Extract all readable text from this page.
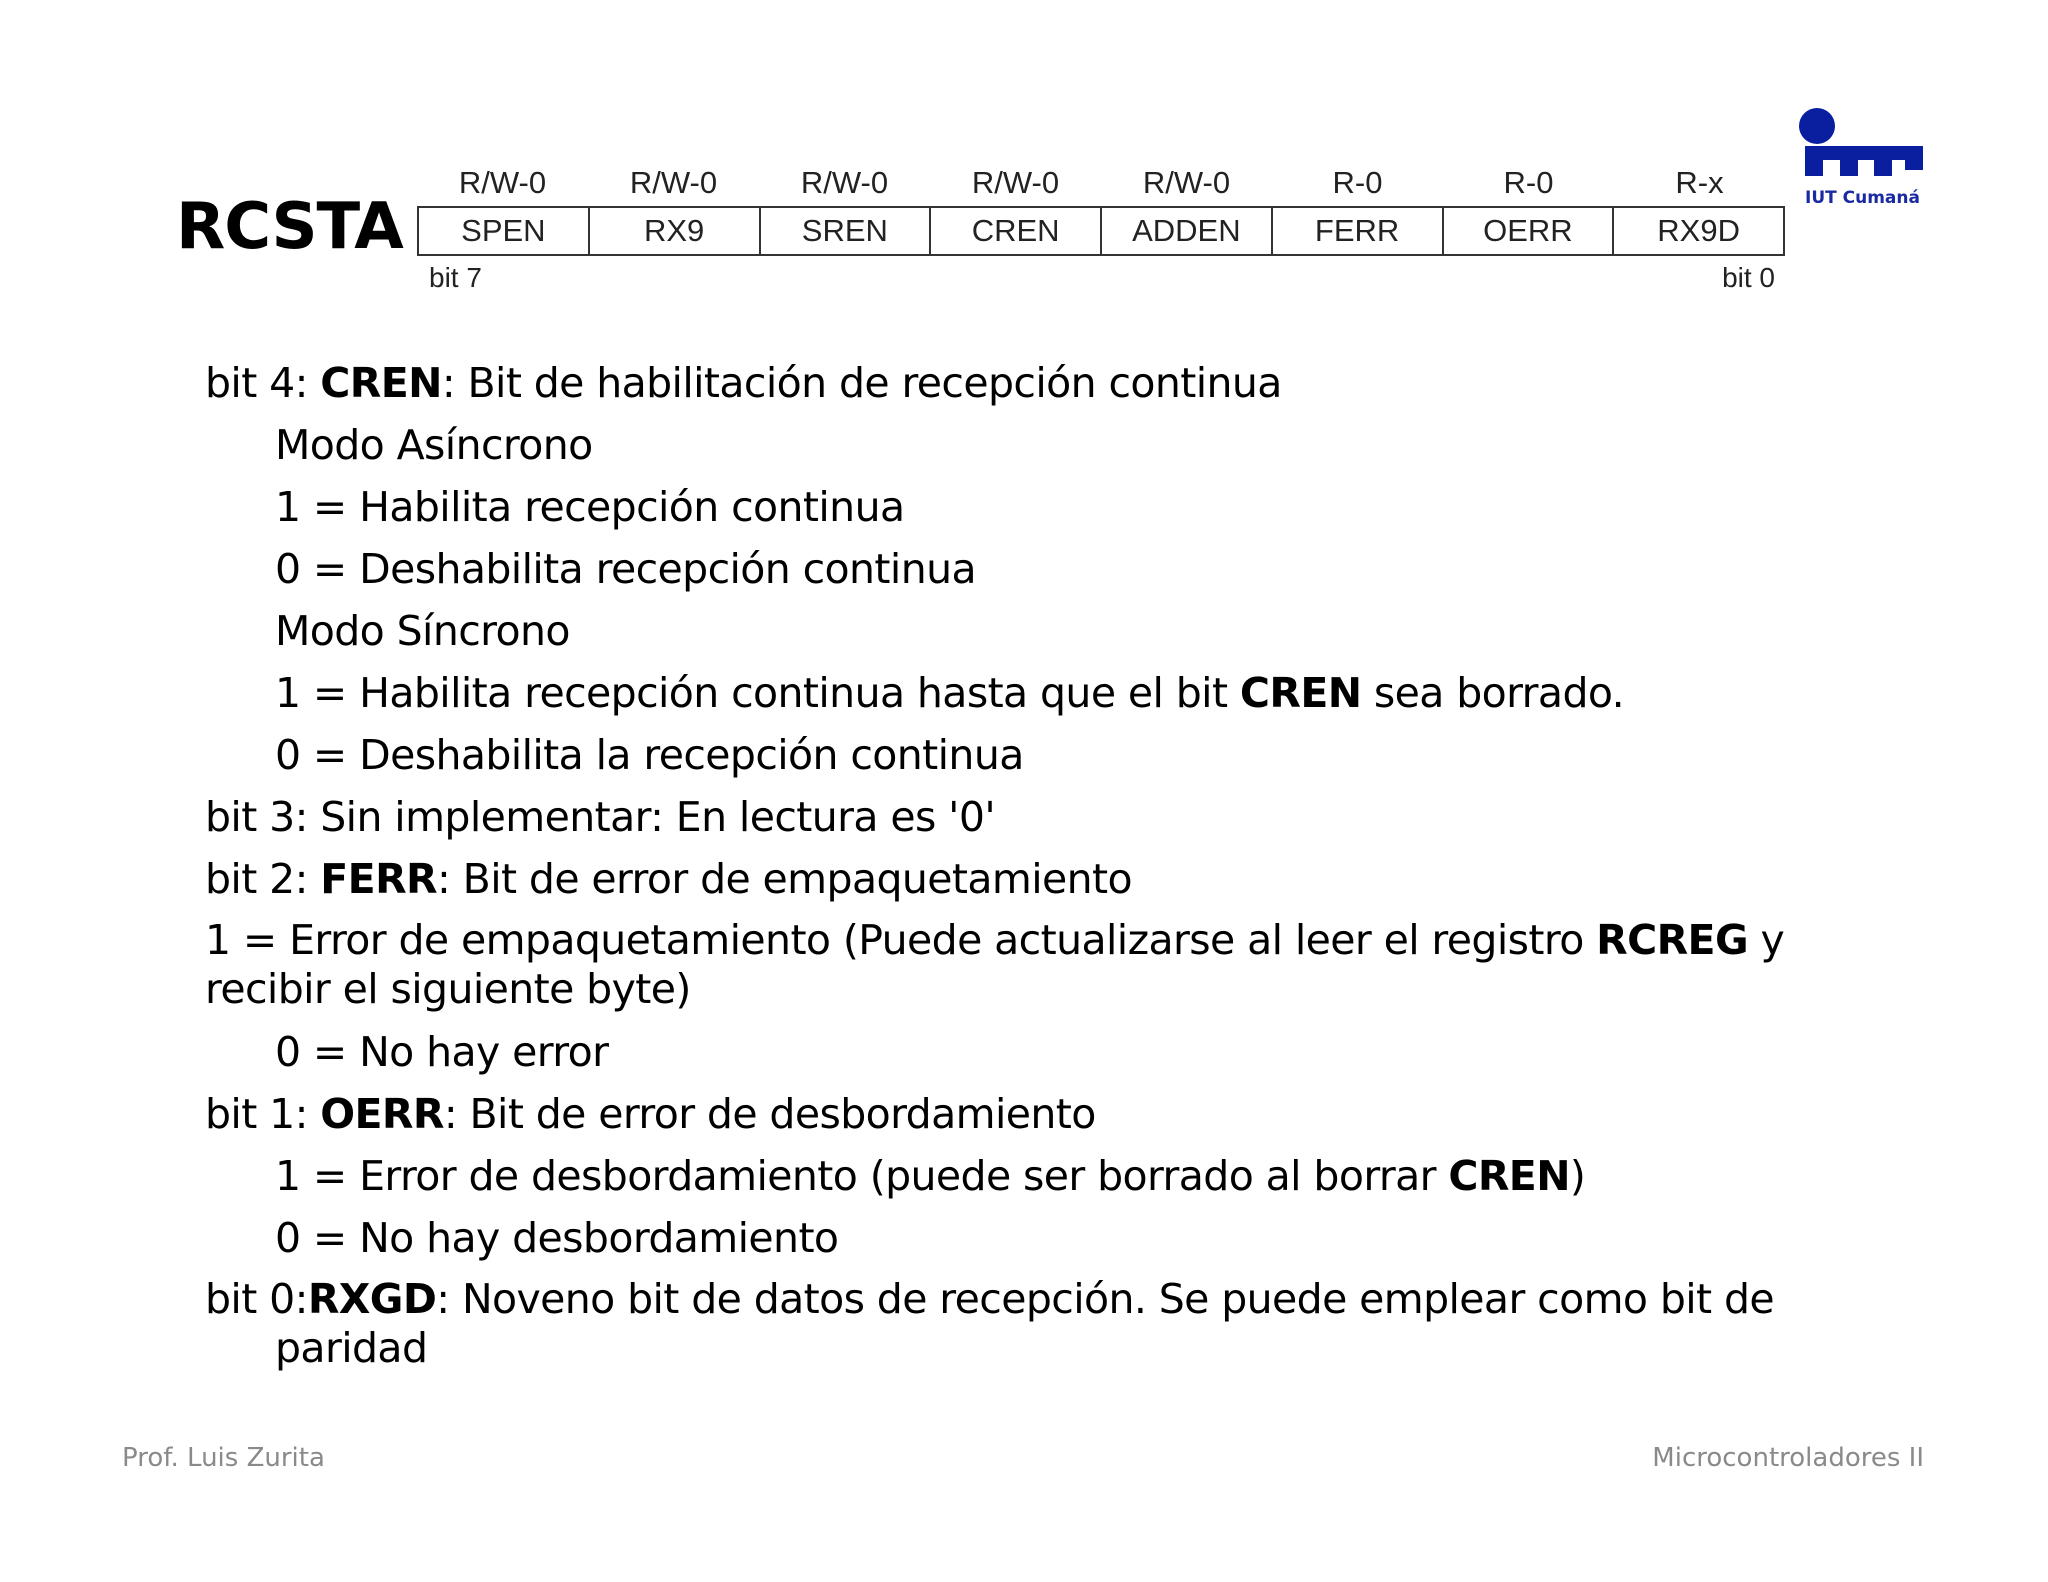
RCSTA
R/W-0	R/W-0	R/W-0	R/W-0	R/W-0	R-0	R-0	R-x
SPEN	RX9	SREN	CREN	ADDEN	FERR	OERR	RX9D
bit 7	bit 0
IUT Cumaná
bit 4: CREN: Bit de habilitación de recepción continua
Modo Asíncrono
1 = Habilita recepción continua
0 = Deshabilita recepción continua
Modo Síncrono
1 = Habilita recepción continua hasta que el bit CREN sea borrado.
0 = Deshabilita la recepción continua
bit 3: Sin implementar: En lectura es '0'
bit 2: FERR: Bit de error de empaquetamiento
1 = Error de empaquetamiento (Puede actualizarse al leer el registro RCREG y recibir el siguiente byte)
0 = No hay error
bit 1: OERR: Bit de error de desbordamiento
1 = Error de desbordamiento (puede ser borrado al borrar CREN)
0 = No hay desbordamiento
bit 0:RXGD: Noveno bit de datos de recepción. Se puede emplear como bit de
paridad
Prof. Luis Zurita	Microcontroladores II
